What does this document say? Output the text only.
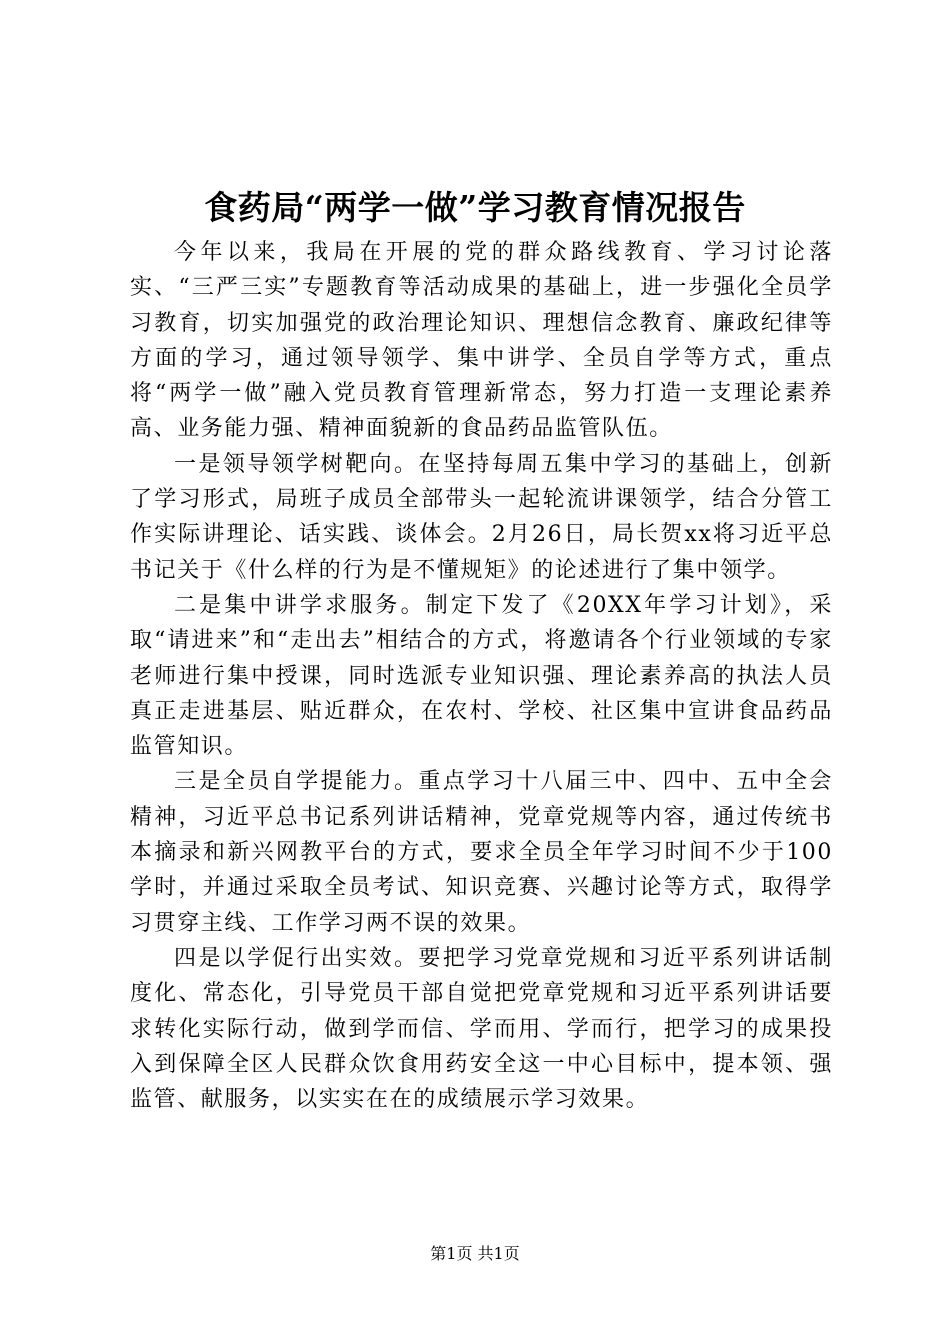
食药局“两学一做”学习教育情况报告

今年以来，我局在开展的党的群众路线教育、学习讨论落实、“三严三实”专题教育等活动成果的基础上，进一步强化全员学习教育，切实加强党的政治理论知识、理想信念教育、廉政纪律等方面的学习，通过领导领学、集中讲学、全员自学等方式，重点将“两学一做”融入党员教育管理新常态，努力打造一支理论素养高、业务能力强、精神面貌新的食品药品监管队伍。

一是领导领学树靶向。在坚持每周五集中学习的基础上，创新了学习形式，局班子成员全部带头一起轮流讲课领学，结合分管工作实际讲理论、话实践、谈体会。2月26日，局长贺xx将习近平总书记关于《什么样的行为是不懂规矩》的论述进行了集中领学。

二是集中讲学求服务。制定下发了《20XX年学习计划》，采取“请进来”和“走出去”相结合的方式，将邀请各个行业领域的专家老师进行集中授课，同时选派专业知识强、理论素养高的执法人员真正走进基层、贴近群众，在农村、学校、社区集中宣讲食品药品监管知识。

三是全员自学提能力。重点学习十八届三中、四中、五中全会精神，习近平总书记系列讲话精神，党章党规等内容，通过传统书本摘录和新兴网教平台的方式，要求全员全年学习时间不少于100学时，并通过采取全员考试、知识竞赛、兴趣讨论等方式，取得学习贯穿主线、工作学习两不误的效果。

四是以学促行出实效。要把学习党章党规和习近平系列讲话制度化、常态化，引导党员干部自觉把党章党规和习近平系列讲话要求转化实际行动，做到学而信、学而用、学而行，把学习的成果投入到保障全区人民群众饮食用药安全这一中心目标中，提本领、强监管、献服务，以实实在在的成绩展示学习效果。

第1页 共1页
